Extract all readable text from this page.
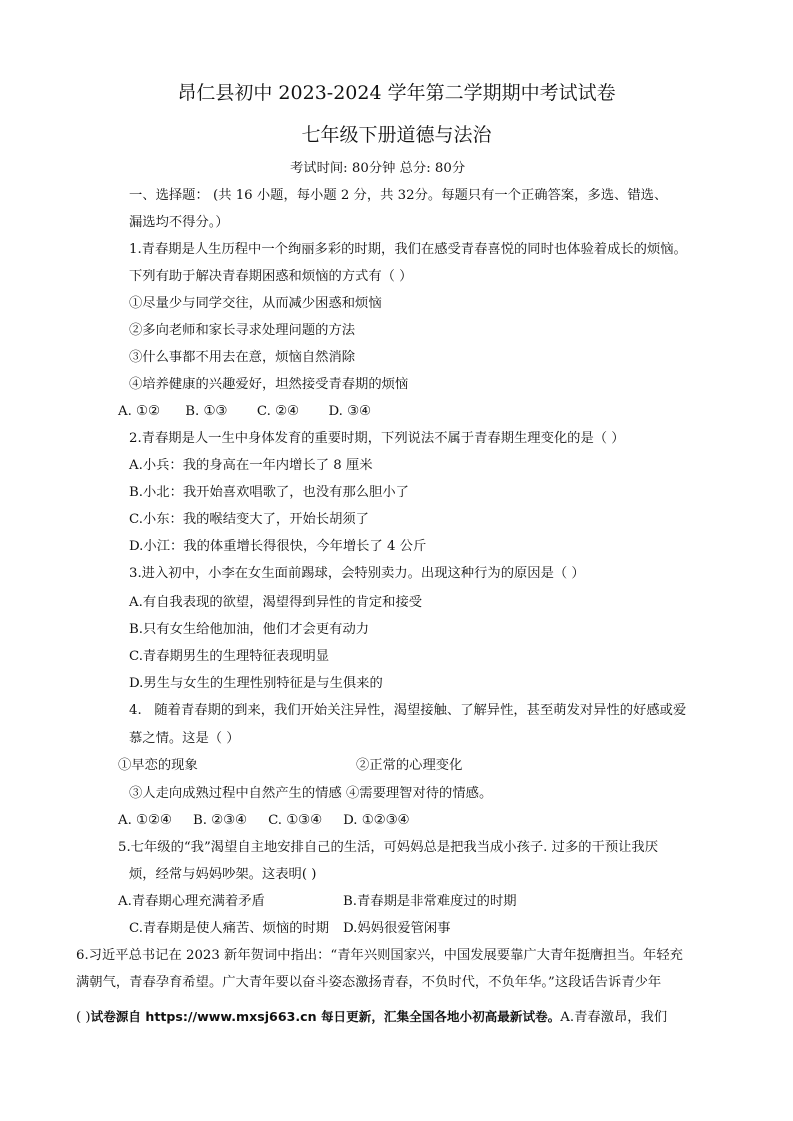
昂仁县初中 2023-2024 学年第二学期期中考试试卷
七年级下册道德与法治
考试时间: 80分钟 总分: 80分
一、选择题： (共 16 小题，每小题 2 分，共 32分。每题只有一个正确答案，多选、错选、
漏选均不得分。）
1.青春期是人生历程中一个绚丽多彩的时期，我们在感受青春喜悦的同时也体验着成长的烦恼。
下列有助于解决青春期困惑和烦恼的方式有（ ）
①尽量少与同学交往，从而减少困惑和烦恼
②多向老师和家长寻求处理问题的方法
③什么事都不用去在意，烦恼自然消除
④培养健康的兴趣爱好，坦然接受青春期的烦恼
A. ①②      B. ①③       C. ②④       D. ③④
2.青春期是人一生中身体发育的重要时期，下列说法不属于青春期生理变化的是（ ）
A.小兵：我的身高在一年内增长了 8 厘米
B.小北：我开始喜欢唱歌了，也没有那么胆小了
C.小东：我的喉结变大了，开始长胡须了
D.小江：我的体重增长得很快，今年增长了 4 公斤
3.进入初中，小李在女生面前踢球，会特别卖力。出现这种行为的原因是（ ）
A.有自我表现的欲望，渴望得到异性的肯定和接受
B.只有女生给他加油，他们才会更有动力
C.青春期男生的生理特征表现明显
D.男生与女生的生理性别特征是与生俱来的
4.   随着青春期的到来，我们开始关注异性，渴望接触、了解异性，甚至萌发对异性的好感或爱
慕之情。这是（ ）
①早恋的现象	②正常的心理变化
③人走向成熟过程中自然产生的情感 ④需要理智对待的情感。
A. ①②④     B. ②③④     C. ①③④     D. ①②③④
5.七年级的“我”渴望自主地安排自己的生活，可妈妈总是把我当成小孩子. 过多的干预让我厌
烦，经常与妈妈吵架。这表明( )
A.青春期心理充满着矛盾	B.青春期是非常难度过的时期
C.青春期是使人痛苦、烦恼的时期 D.妈妈很爱管闲事
6.习近平总书记在 2023 新年贺词中指出：“青年兴则国家兴，中国发展要靠广大青年挺膺担当。年轻充
满朝气，青春孕育希望。广大青年要以奋斗姿态激扬青春，不负时代，不负年华。”这段话告诉青少年
( )试卷源自 https://www.mxsj663.cn 每日更新，汇集全国各地小初高最新试卷。A.青春激昂，我们
